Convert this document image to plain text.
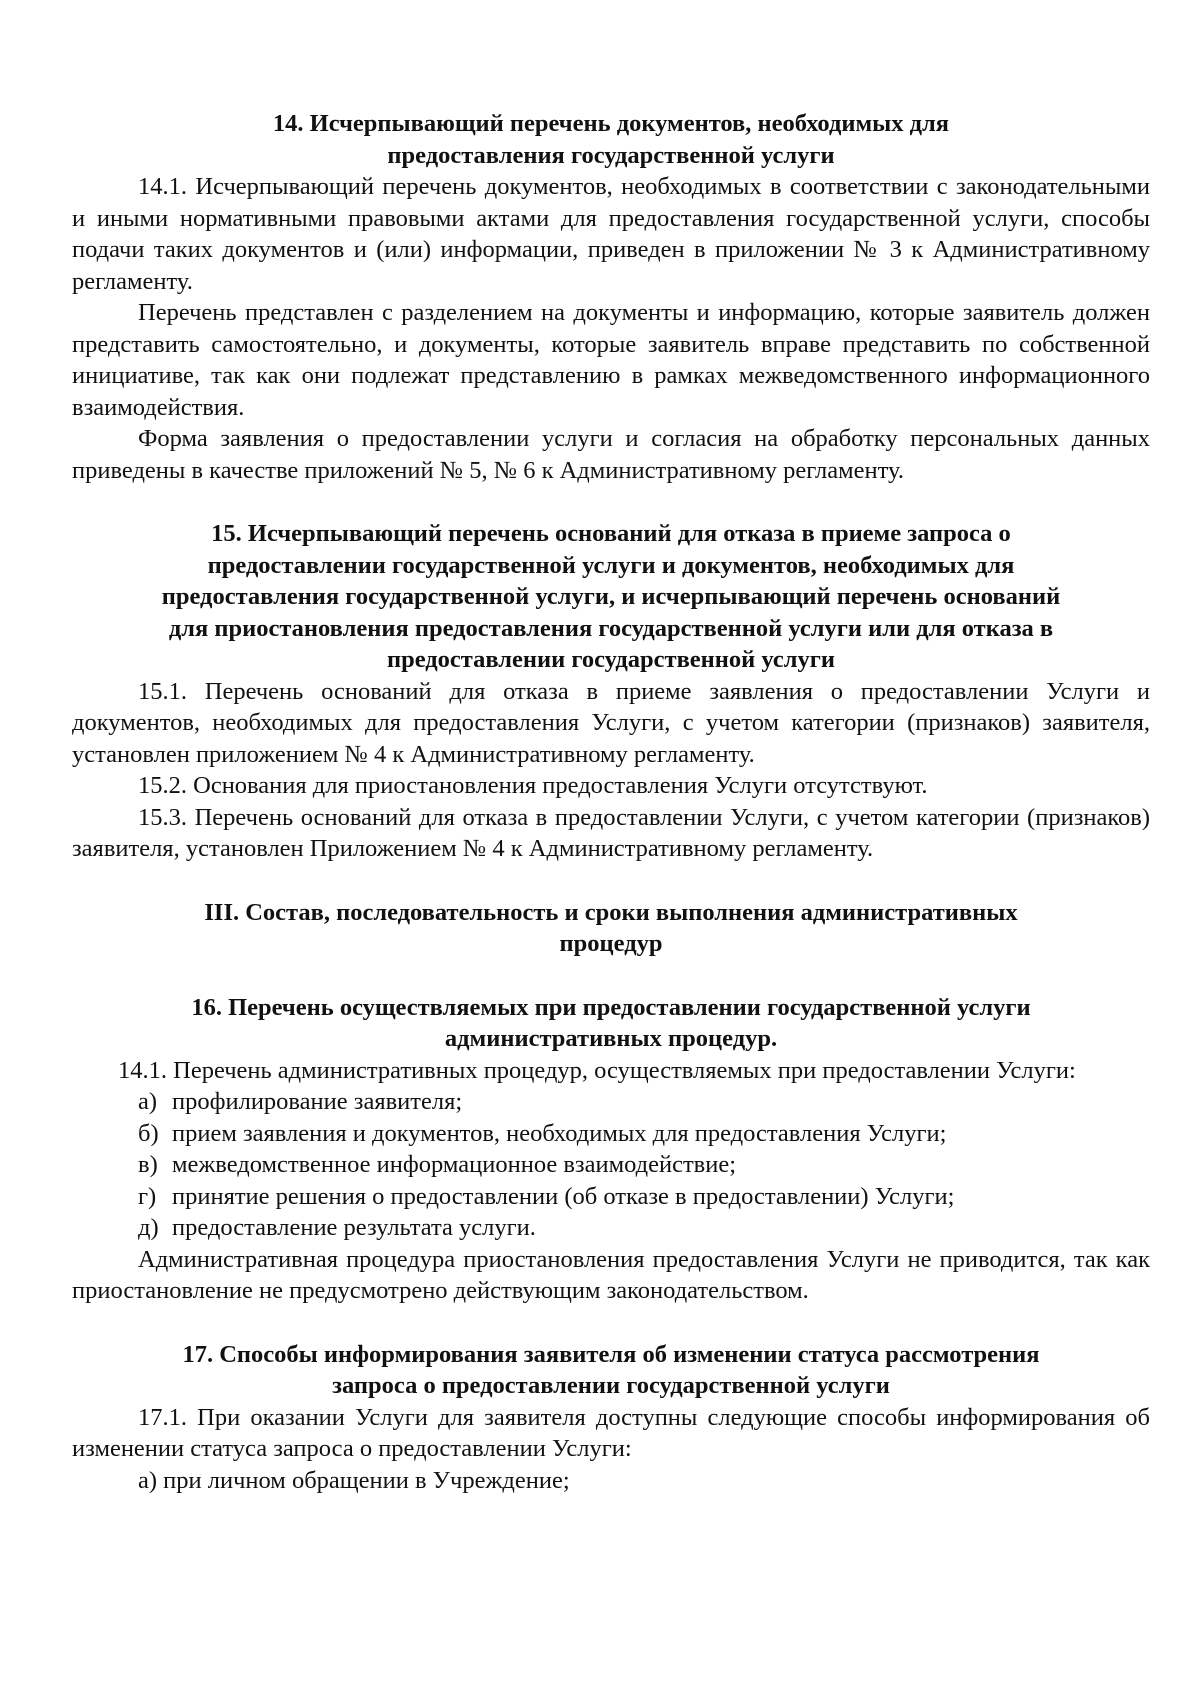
14. Исчерпывающий перечень документов, необходимых для
предоставления государственной услуги

14.1. Исчерпывающий перечень документов, необходимых в соответствии с законодательными и иными нормативными правовыми актами для предоставления государственной услуги, способы подачи таких документов и (или) информации, приведен в приложении № 3 к Административному регламенту.

Перечень представлен с разделением на документы и информацию, которые заявитель должен представить самостоятельно, и документы, которые заявитель вправе представить по собственной инициативе, так как они подлежат представлению в рамках межведомственного информационного взаимодействия.

Форма заявления о предоставлении услуги и согласия на обработку персональных данных приведены в качестве приложений № 5, № 6 к Административному регламенту.

15. Исчерпывающий перечень оснований для отказа в приеме запроса о
предоставлении государственной услуги и документов, необходимых для
предоставления государственной услуги, и исчерпывающий перечень оснований
для приостановления предоставления государственной услуги или для отказа в
предоставлении государственной услуги

15.1. Перечень оснований для отказа в приеме заявления о предоставлении Услуги и документов, необходимых для предоставления Услуги, с учетом категории (признаков) заявителя, установлен приложением № 4 к Административному регламенту.

15.2. Основания для приостановления предоставления Услуги отсутствуют.

15.3. Перечень оснований для отказа в предоставлении Услуги, с учетом категории (признаков) заявителя, установлен Приложением № 4 к Административному регламенту.

III. Состав, последовательность и сроки выполнения административных
процедур

16. Перечень осуществляемых при предоставлении государственной услуги
административных процедур.

14.1. Перечень административных процедур, осуществляемых при предоставлении Услуги:

а) профилирование заявителя;

б) прием заявления и документов, необходимых для предоставления Услуги;

в) межведомственное информационное взаимодействие;

г) принятие решения о предоставлении (об отказе в предоставлении) Услуги;

д) предоставление результата услуги.

Административная процедура приостановления предоставления Услуги не приводится, так как приостановление не предусмотрено действующим законодательством.

17. Способы информирования заявителя об изменении статуса рассмотрения
запроса о предоставлении государственной услуги

17.1. При оказании Услуги для заявителя доступны следующие способы информирования об изменении статуса запроса о предоставлении Услуги:

а) при личном обращении в Учреждение;
